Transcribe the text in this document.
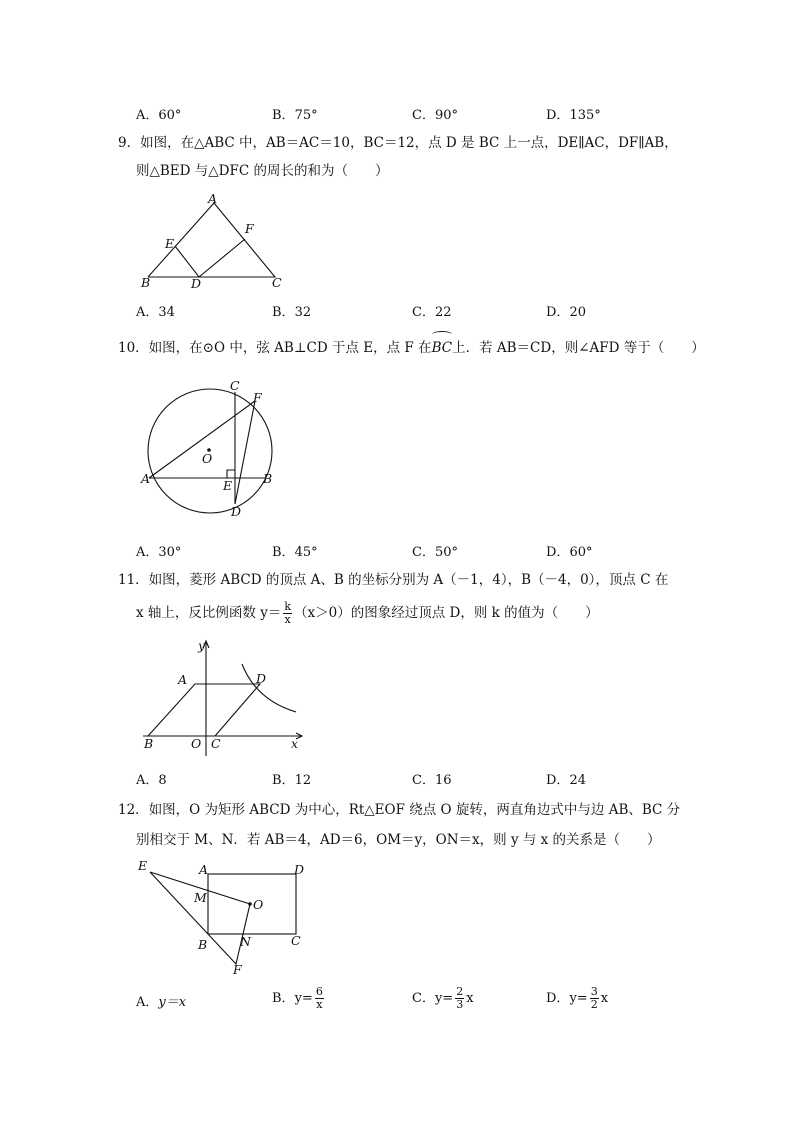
A．60°	B．75°	C．90°	D．135°
9．如图，在△ABC 中，AB＝AC＝10，BC＝12，点 D 是 BC 上一点，DE∥AC，DF∥AB，
则△BED 与△DFC 的周长的和为（　　）
A
B	C
D
E
F
A．34	B．32	C．22	D．20
10．如图，在⊙O 中，弦 AB⊥CD 于点 E，点 F 在BC上．若 AB＝CD，则∠AFD 等于（　　）
C
F
O
A	B
E
D
A．30°	B．45°	C．50°	D．60°
11．如图，菱形 ABCD 的顶点 A、B 的坐标分别为 A（－1，4），B（－4，0），顶点 C 在
x 轴上，反比例函数 $y= \frac{k}{x} (x>0)$的图象经过顶点 D，则 k 的值为（　　）
y
A	D
B	O C	x
A．8	B．12	C．16	D．24
12．如图，O 为矩形 ABCD 为中心，Rt△EOF 绕点 O 旋转，两直角边式中与边 AB、BC 分
别相交于 M、N．若 AB＝4，AD＝6，OM＝y，ON＝x，则 y 与 x 的关系是（　　）
E	A	D
M	O
B	N	C
F
A．y＝x	B．$y= \frac{6}{x}$	C．$y= \frac{2}{3}$ x	D．$y= \frac{3}{2}$ x
